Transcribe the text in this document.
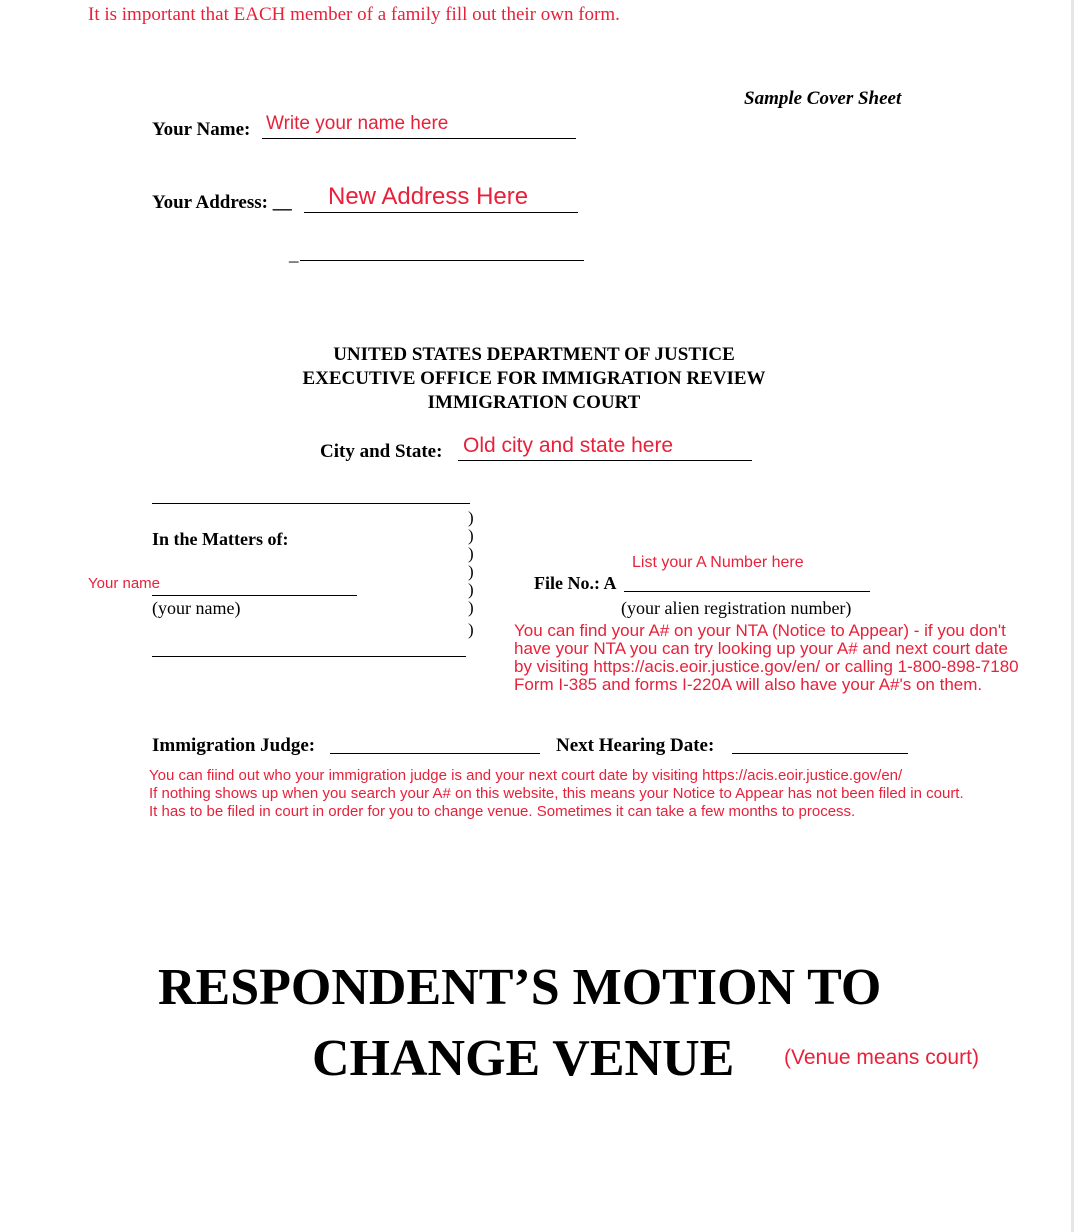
It is important that EACH member of a family fill out their own form.
Sample Cover Sheet
Your Name: Write your name here
Your Address: __ New Address Here
_
UNITED STATES DEPARTMENT OF JUSTICE
EXECUTIVE OFFICE FOR IMMIGRATION REVIEW
IMMIGRATION COURT
City and State: Old city and state here
)
)
)
)
)
)
)
In the Matters of:
Your name
(your name)
List your A Number here
File No.: A
(your alien registration number)
You can find your A# on your NTA (Notice to Appear) - if you don't
have your NTA you can try looking up your A# and next court date
by visiting https://acis.eoir.justice.gov/en/ or calling 1-800-898-7180
Form I-385 and forms I-220A will also have your A#'s on them.
Immigration Judge:	Next Hearing Date:
You can fiind out who your immigration judge is and your next court date by visiting https://acis.eoir.justice.gov/en/
If nothing shows up when you search your A# on this website, this means your Notice to Appear has not been filed in court.
It has to be filed in court in order for you to change venue. Sometimes it can take a few months to process.
RESPONDENT’S MOTION TO
CHANGE VENUE (Venue means court)
